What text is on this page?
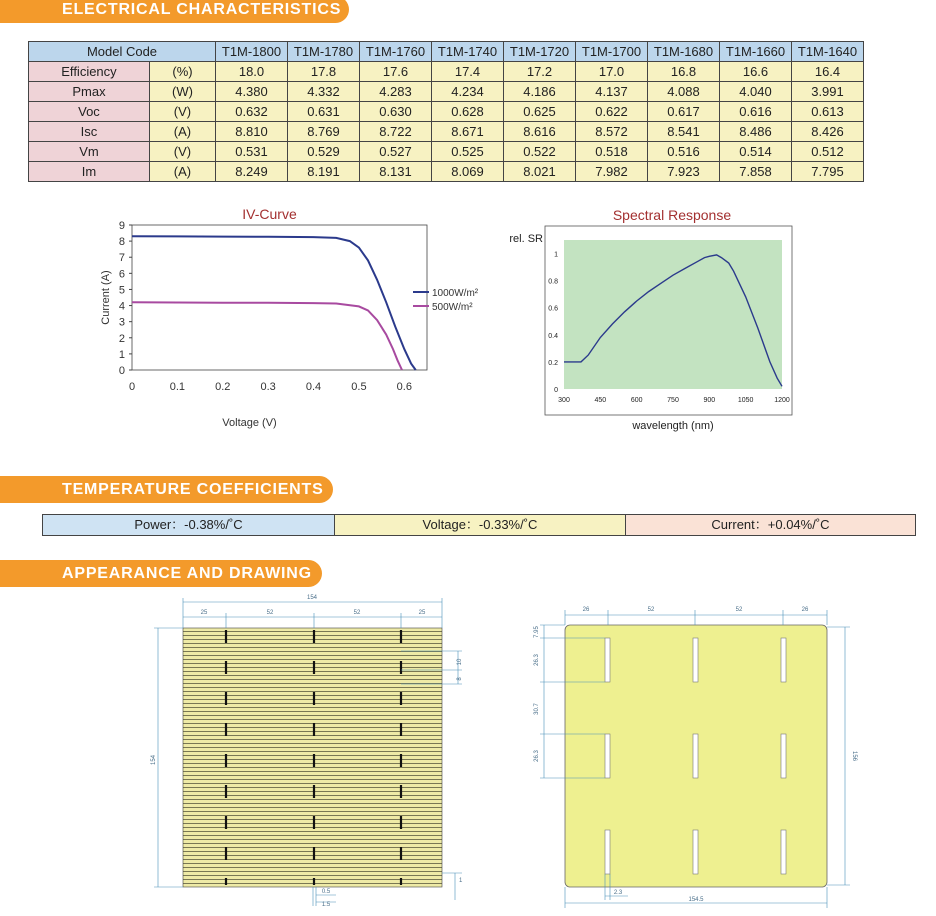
ELECTRICAL CHARACTERISTICS
TEMPERATURE COEFFICIENTS
APPEARANCE AND DRAWING
Model Code		T1M-1800	T1M-1780	T1M-1760	T1M-1740	T1M-1720	T1M-1700	T1M-1680	T1M-1660	T1M-1640
Efficiency	(%)	18.0	17.8	17.6	17.4	17.2	17.0	16.8	16.6	16.4
Pmax	(W)	4.380	4.332	4.283	4.234	4.186	4.137	4.088	4.040	3.991
Voc	(V)	0.632	0.631	0.630	0.628	0.625	0.622	0.617	0.616	0.613
Isc	(A)	8.810	8.769	8.722	8.671	8.616	8.572	8.541	8.486	8.426
Vm	(V)	0.531	0.529	0.527	0.525	0.522	0.518	0.516	0.514	0.512
Im	(A)	8.249	8.191	8.131	8.069	8.021	7.982	7.923	7.858	7.795
IV-Curve
0
1
2
3
4
5
6
7
8
9
0	0.1	0.2	0.3	0.4	0.5	0.6
Voltage (V)
Current (A)	1000W/m²
500W/m²
Spectral Response
rel. SR
0
0.2
0.4
0.6
0.8
1
300	450	600	750	900	1050	1200
wavelength (nm)
Power：-0.38%/˚C	Voltage：-0.33%/˚C	Current：+0.04%/˚C
154
25	52	52	25
154
10
8
0.5
1.5
1
26	52	52	26
7.95
26.3
30.7
26.3	156
154.5
2.3
